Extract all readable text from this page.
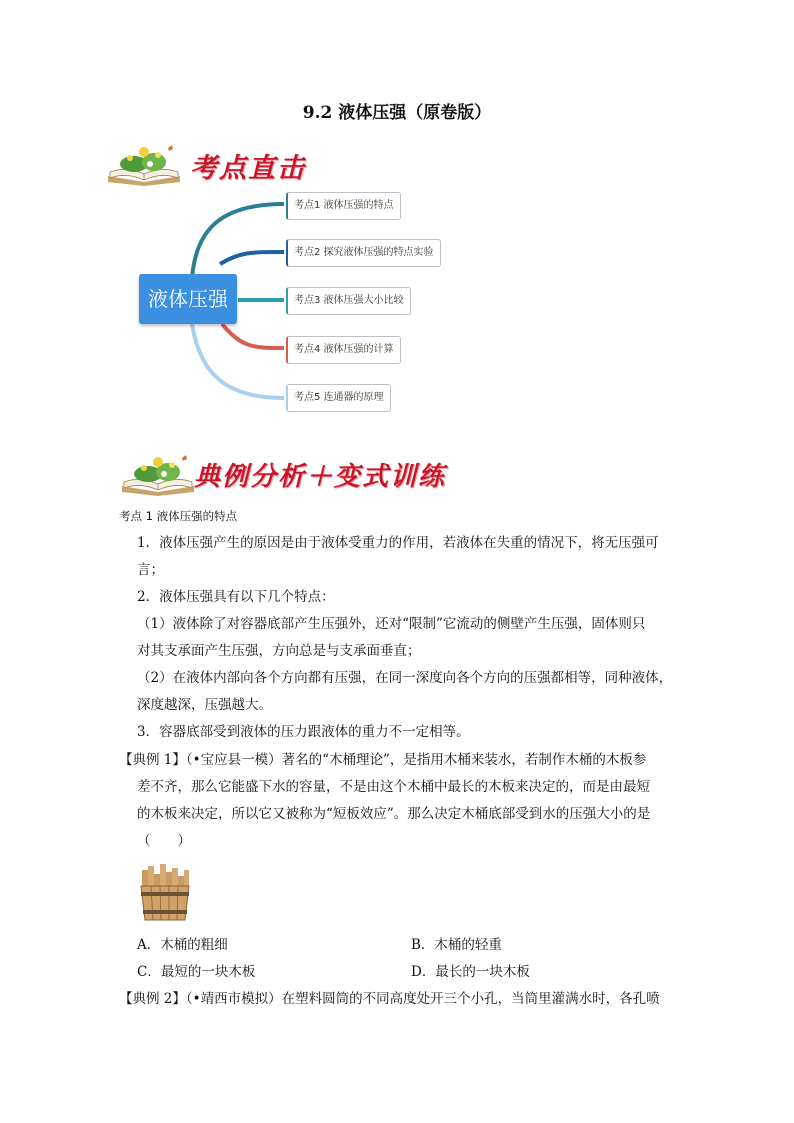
9.2 液体压强（原卷版）
考点直击
液体压强
考点1 液体压强的特点
考点2 探究液体压强的特点实验
考点3 液体压强大小比较
考点4 液体压强的计算
考点5 连通器的原理
典例分析＋变式训练
考点 1 液体压强的特点
1．液体压强产生的原因是由于液体受重力的作用，若液体在失重的情况下，将无压强可
言；
2．液体压强具有以下几个特点：
（1）液体除了对容器底部产生压强外，还对“限制”它流动的侧壁产生压强，固体则只
对其支承面产生压强，方向总是与支承面垂直；
（2）在液体内部向各个方向都有压强，在同一深度向各个方向的压强都相等，同种液体，
深度越深，压强越大。
3．容器底部受到液体的压力跟液体的重力不一定相等。
【典例 1】（•宝应县一模）著名的“木桶理论”，是指用木桶来装水，若制作木桶的木板参
差不齐，那么它能盛下水的容量，不是由这个木桶中最长的木板来决定的，而是由最短
的木板来决定，所以它又被称为“短板效应”。那么决定木桶底部受到水的压强大小的是
（　　）
A．木桶的粗细	B．木桶的轻重
C．最短的一块木板	D．最长的一块木板
【典例 2】（•靖西市模拟）在塑料圆筒的不同高度处开三个小孔，当筒里灌满水时，各孔喷
